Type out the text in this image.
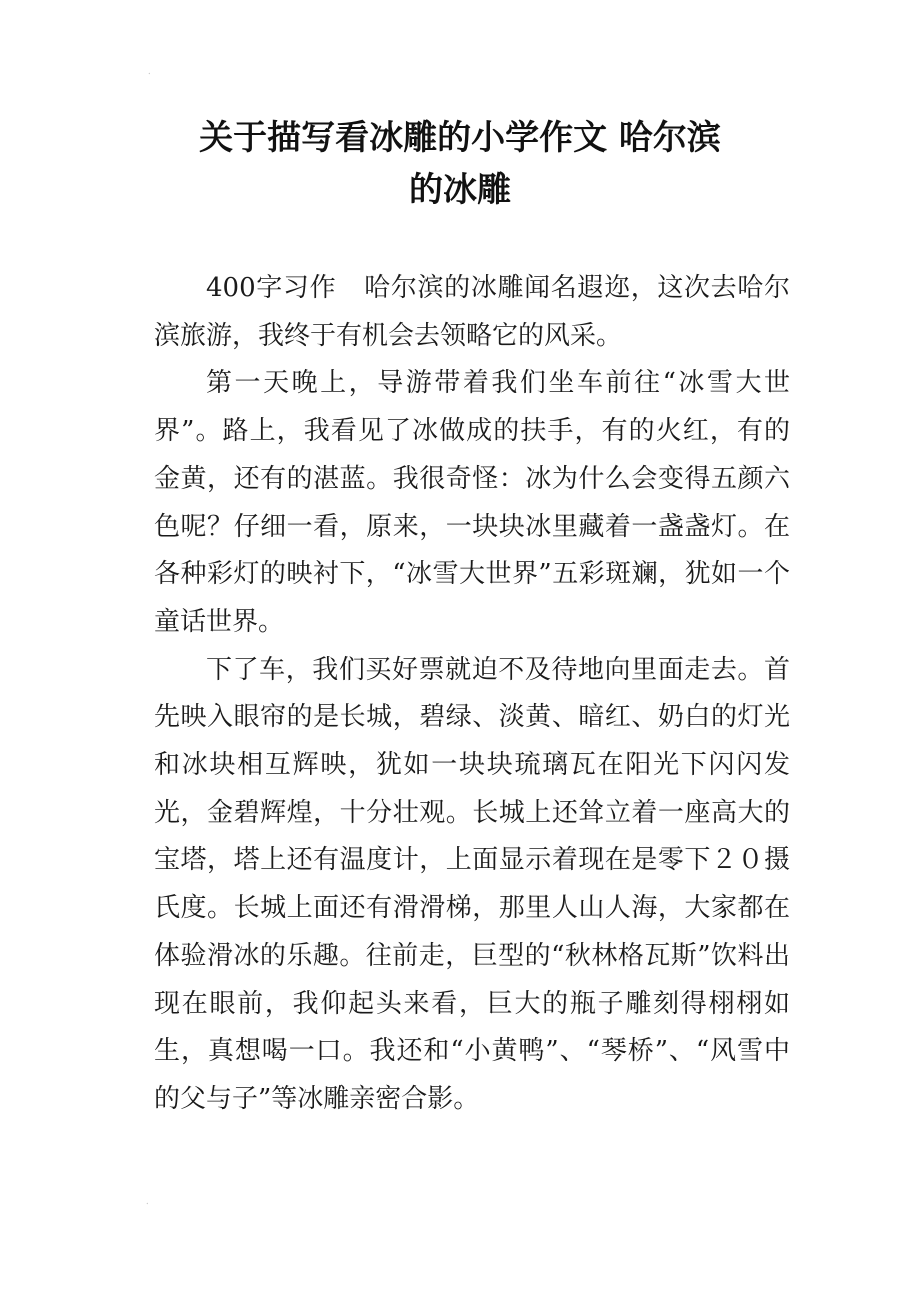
⸱
关于描写看冰雕的小学作文 哈尔滨
的冰雕

400字习作 哈尔滨的冰雕闻名遐迩，这次去哈尔滨旅游，我终于有机会去领略它的风采。

第一天晚上，导游带着我们坐车前往“冰雪大世界”。路上，我看见了冰做成的扶手，有的火红，有的金黄，还有的湛蓝。我很奇怪：冰为什么会变得五颜六色呢？仔细一看，原来，一块块冰里藏着一盏盏灯。在各种彩灯的映衬下，“冰雪大世界”五彩斑斓，犹如一个童话世界。

下了车，我们买好票就迫不及待地向里面走去。首先映入眼帘的是长城，碧绿、淡黄、暗红、奶白的灯光和冰块相互辉映，犹如一块块琉璃瓦在阳光下闪闪发光，金碧辉煌，十分壮观。长城上还耸立着一座高大的宝塔，塔上还有温度计，上面显示着现在是零下２０摄氏度。长城上面还有滑滑梯，那里人山人海，大家都在体验滑冰的乐趣。往前走，巨型的“秋林格瓦斯”饮料出现在眼前，我仰起头来看，巨大的瓶子雕刻得栩栩如生，真想喝一口。我还和“小黄鸭”、“琴桥”、“风雪中的父与子”等冰雕亲密合影。

⸱
